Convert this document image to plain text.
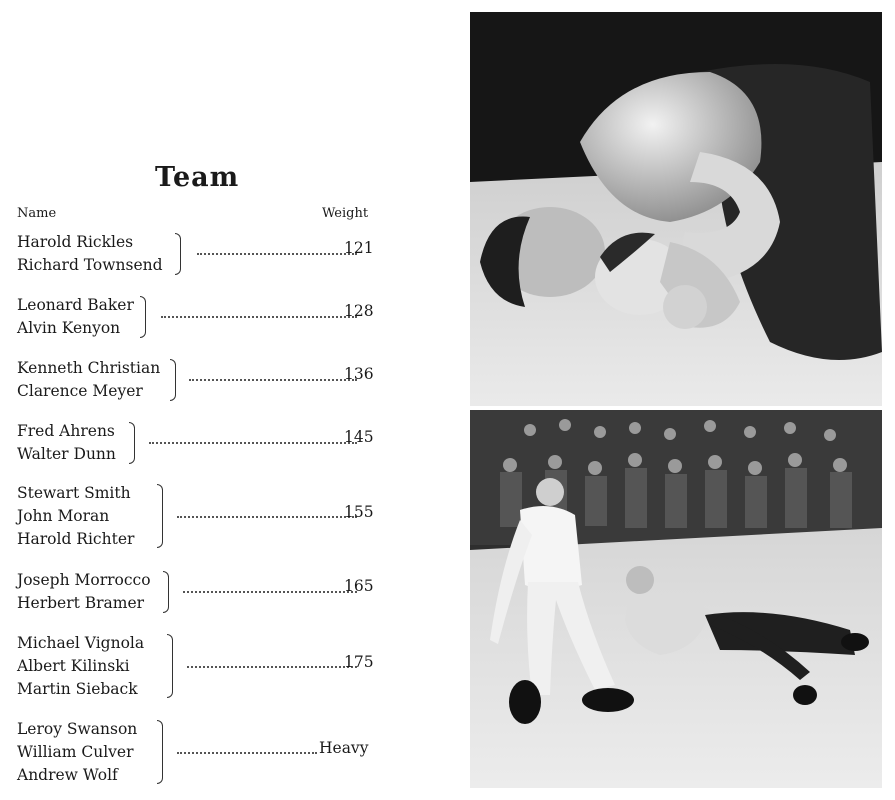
Team
Name	Weight
Harold Rickles
Richard Townsend
121
Leonard Baker
Alvin Kenyon
128
Kenneth Christian
Clarence Meyer
136
Fred Ahrens
Walter Dunn
145
Stewart Smith
John Moran
Harold Richter
155
Joseph Morrocco
Herbert Bramer
165
Michael Vignola
Albert Kilinski
Martin Sieback
175
Leroy Swanson
William Culver
Andrew Wolf
Heavy
